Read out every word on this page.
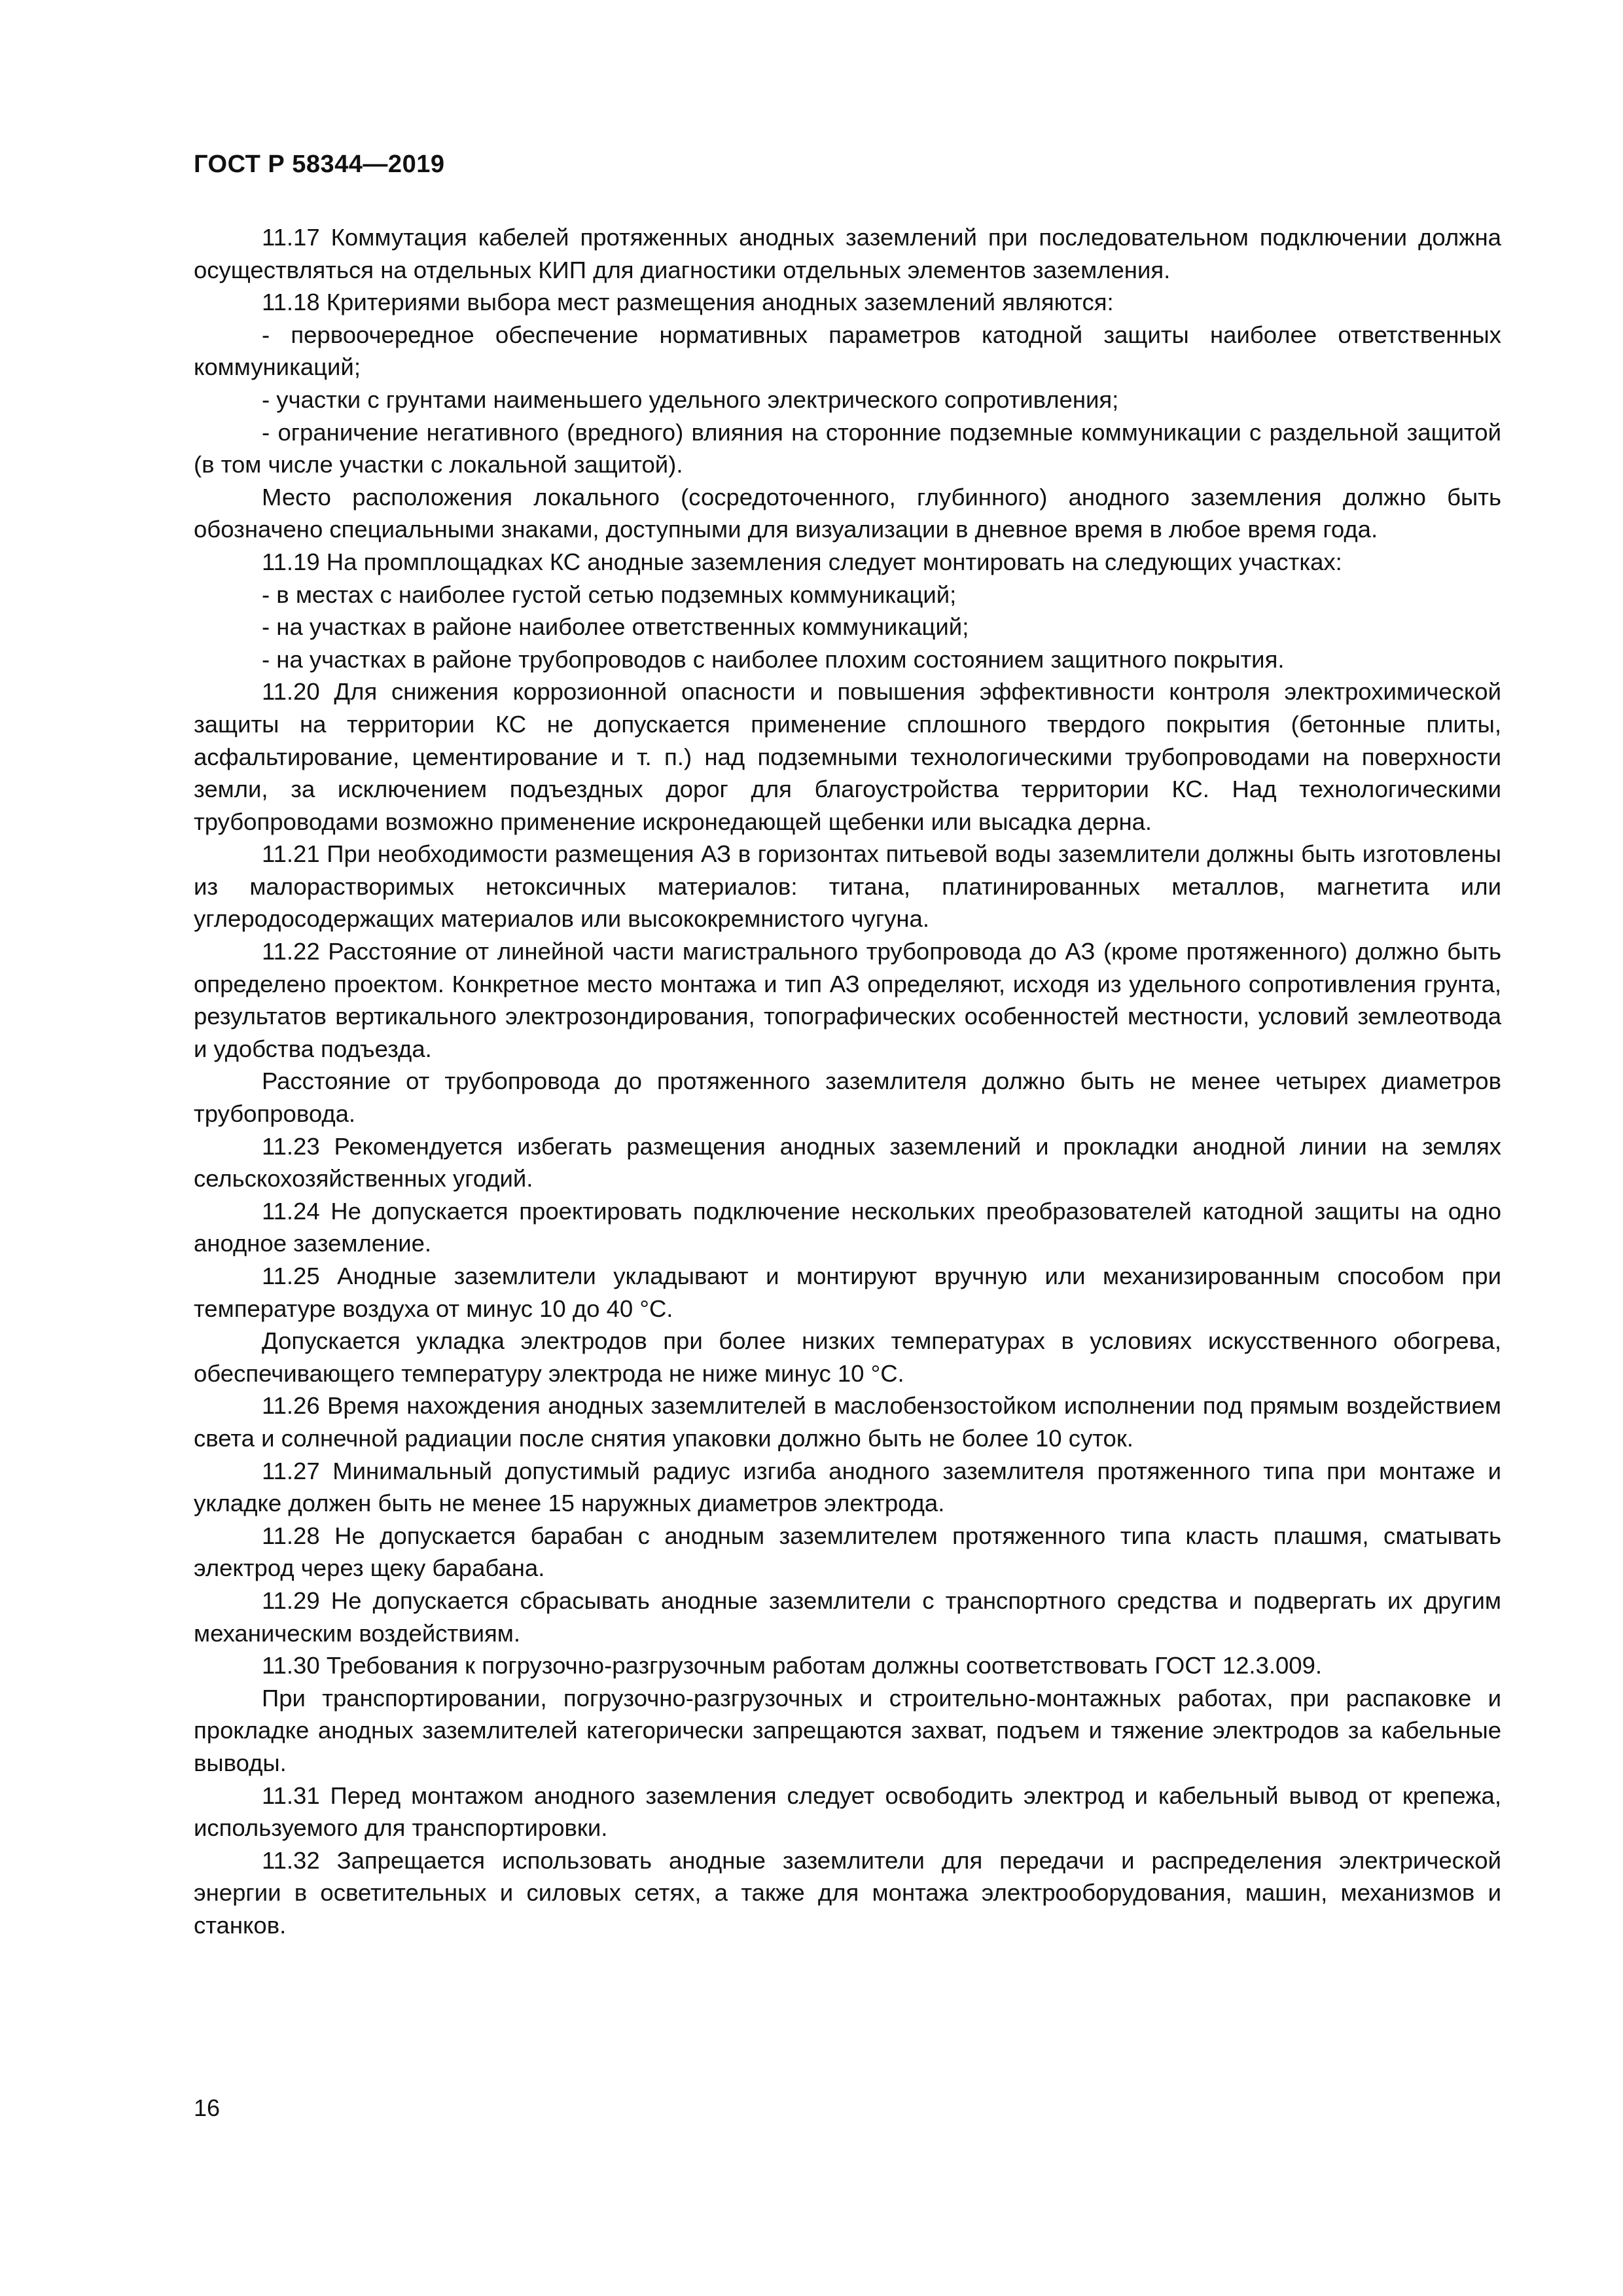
ГОСТ Р 58344—2019

11.17 Коммутация кабелей протяженных анодных заземлений при последовательном подключении должна осуществляться на отдельных КИП для диагностики отдельных элементов заземления.

11.18 Критериями выбора мест размещения анодных заземлений являются:

- первоочередное обеспечение нормативных параметров катодной защиты наиболее ответственных коммуникаций;

- участки с грунтами наименьшего удельного электрического сопротивления;

- ограничение негативного (вредного) влияния на сторонние подземные коммуникации с раздельной защитой (в том числе участки с локальной защитой).

Место расположения локального (сосредоточенного, глубинного) анодного заземления должно быть обозначено специальными знаками, доступными для визуализации в дневное время в любое время года.

11.19 На промплощадках КС анодные заземления следует монтировать на следующих участках:

- в местах с наиболее густой сетью подземных коммуникаций;

- на участках в районе наиболее ответственных коммуникаций;

- на участках в районе трубопроводов с наиболее плохим состоянием защитного покрытия.

11.20 Для снижения коррозионной опасности и повышения эффективности контроля электрохимической защиты на территории КС не допускается применение сплошного твердого покрытия (бетонные плиты, асфальтирование, цементирование и т. п.) над подземными технологическими трубопроводами на поверхности земли, за исключением подъездных дорог для благоустройства территории КС. Над технологическими трубопроводами возможно применение искронедающей щебенки или высадка дерна.

11.21 При необходимости размещения АЗ в горизонтах питьевой воды заземлители должны быть изготовлены из малорастворимых нетоксичных материалов: титана, платинированных металлов, магнетита или углеродосодержащих материалов или высококремнистого чугуна.

11.22 Расстояние от линейной части магистрального трубопровода до АЗ (кроме протяженного) должно быть определено проектом. Конкретное место монтажа и тип АЗ определяют, исходя из удельного сопротивления грунта, результатов вертикального электрозондирования, топографических особенностей местности, условий землеотвода и удобства подъезда.

Расстояние от трубопровода до протяженного заземлителя должно быть не менее четырех диаметров трубопровода.

11.23 Рекомендуется избегать размещения анодных заземлений и прокладки анодной линии на землях сельскохозяйственных угодий.

11.24 Не допускается проектировать подключение нескольких преобразователей катодной защиты на одно анодное заземление.

11.25 Анодные заземлители укладывают и монтируют вручную или механизированным способом при температуре воздуха от минус 10 до 40 °С.

Допускается укладка электродов при более низких температурах в условиях искусственного обогрева, обеспечивающего температуру электрода не ниже минус 10 °С.

11.26 Время нахождения анодных заземлителей в маслобензостойком исполнении под прямым воздействием света и солнечной радиации после снятия упаковки должно быть не более 10 суток.

11.27 Минимальный допустимый радиус изгиба анодного заземлителя протяженного типа при монтаже и укладке должен быть не менее 15 наружных диаметров электрода.

11.28 Не допускается барабан с анодным заземлителем протяженного типа класть плашмя, сматывать электрод через щеку барабана.

11.29 Не допускается сбрасывать анодные заземлители с транспортного средства и подвергать их другим механическим воздействиям.

11.30 Требования к погрузочно-разгрузочным работам должны соответствовать ГОСТ 12.3.009.

При транспортировании, погрузочно-разгрузочных и строительно-монтажных работах, при распаковке и прокладке анодных заземлителей категорически запрещаются захват, подъем и тяжение электродов за кабельные выводы.

11.31 Перед монтажом анодного заземления следует освободить электрод и кабельный вывод от крепежа, используемого для транспортировки.

11.32 Запрещается использовать анодные заземлители для передачи и распределения электрической энергии в осветительных и силовых сетях, а также для монтажа электрооборудования, машин, механизмов и станков.

16
